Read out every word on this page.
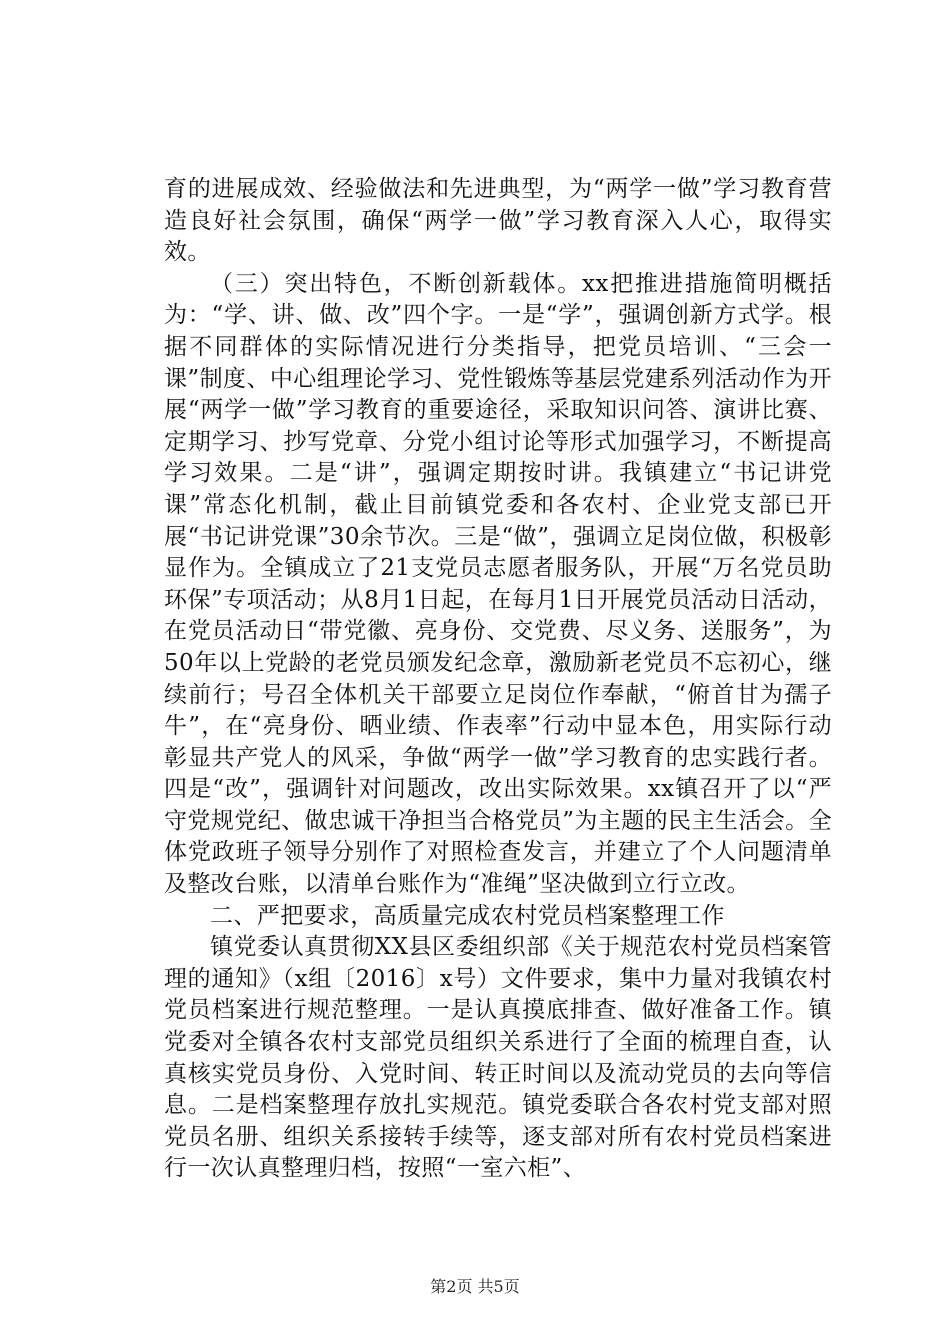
育的进展成效、经验做法和先进典型，为“两学一做”学习教育营造良好社会氛围，确保“两学一做”学习教育深入人心，取得实效。

（三）突出特色，不断创新载体。xx把推进措施简明概括为：“学、讲、做、改”四个字。一是“学”，强调创新方式学。根据不同群体的实际情况进行分类指导，把党员培训、“三会一课”制度、中心组理论学习、党性锻炼等基层党建系列活动作为开展“两学一做”学习教育的重要途径，采取知识问答、演讲比赛、定期学习、抄写党章、分党小组讨论等形式加强学习，不断提高学习效果。二是“讲”，强调定期按时讲。我镇建立“书记讲党课”常态化机制，截止目前镇党委和各农村、企业党支部已开展“书记讲党课”30余节次。三是“做”，强调立足岗位做，积极彰显作为。全镇成立了21支党员志愿者服务队，开展“万名党员助环保”专项活动；从8月1日起，在每月1日开展党员活动日活动，在党员活动日“带党徽、亮身份、交党费、尽义务、送服务”，为50年以上党龄的老党员颁发纪念章，激励新老党员不忘初心，继续前行；号召全体机关干部要立足岗位作奉献，“俯首甘为孺子牛”，在“亮身份、晒业绩、作表率”行动中显本色，用实际行动彰显共产党人的风采，争做“两学一做”学习教育的忠实践行者。四是“改”，强调针对问题改，改出实际效果。xx镇召开了以“严守党规党纪、做忠诚干净担当合格党员”为主题的民主生活会。全体党政班子领导分别作了对照检查发言，并建立了个人问题清单及整改台账，以清单台账作为“准绳”坚决做到立行立改。

二、严把要求，高质量完成农村党员档案整理工作

镇党委认真贯彻XX县区委组织部《关于规范农村党员档案管理的通知》（x组〔2016〕x号）文件要求，集中力量对我镇农村党员档案进行规范整理。一是认真摸底排查、做好准备工作。镇党委对全镇各农村支部党员组织关系进行了全面的梳理自查，认真核实党员身份、入党时间、转正时间以及流动党员的去向等信息。二是档案整理存放扎实规范。镇党委联合各农村党支部对照党员名册、组织关系接转手续等，逐支部对所有农村党员档案进行一次认真整理归档，按照“一室六柜”、

第2页 共5页
